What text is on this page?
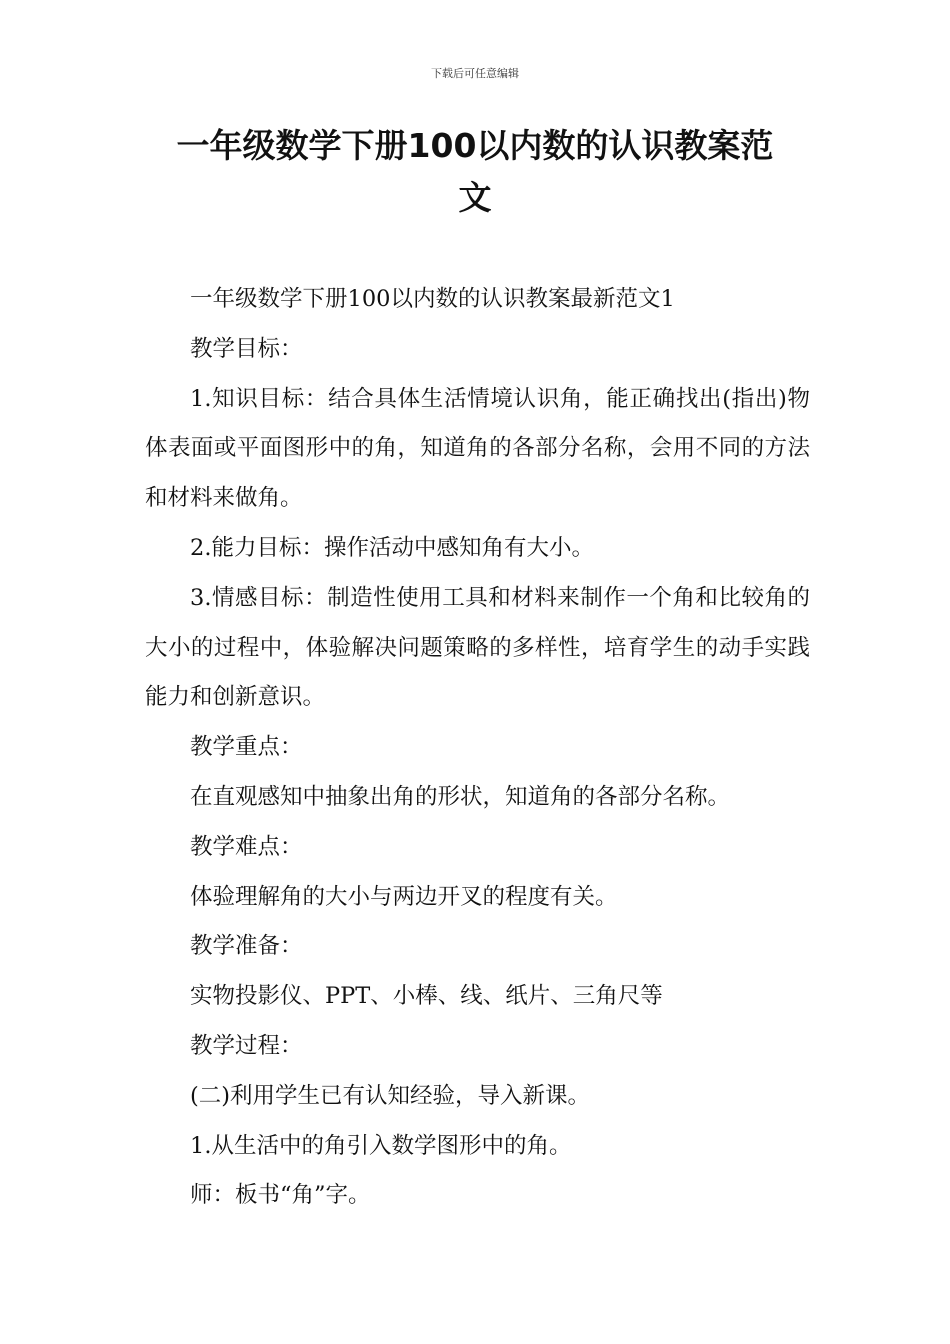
下载后可任意编辑
一年级数学下册100以内数的认识教案范
文

一年级数学下册100以内数的认识教案最新范文1

教学目标：

1.知识目标：结合具体生活情境认识角，能正确找出(指出)物体表面或平面图形中的角，知道角的各部分名称，会用不同的方法和材料来做角。

2.能力目标：操作活动中感知角有大小。

3.情感目标：制造性使用工具和材料来制作一个角和比较角的大小的过程中，体验解决问题策略的多样性，培育学生的动手实践能力和创新意识。

教学重点：

在直观感知中抽象出角的形状，知道角的各部分名称。

教学难点：

体验理解角的大小与两边开叉的程度有关。

教学准备：

实物投影仪、PPT、小棒、线、纸片、三角尺等

教学过程：

(二)利用学生已有认知经验，导入新课。

1.从生活中的角引入数学图形中的角。

师：板书“角”字。
